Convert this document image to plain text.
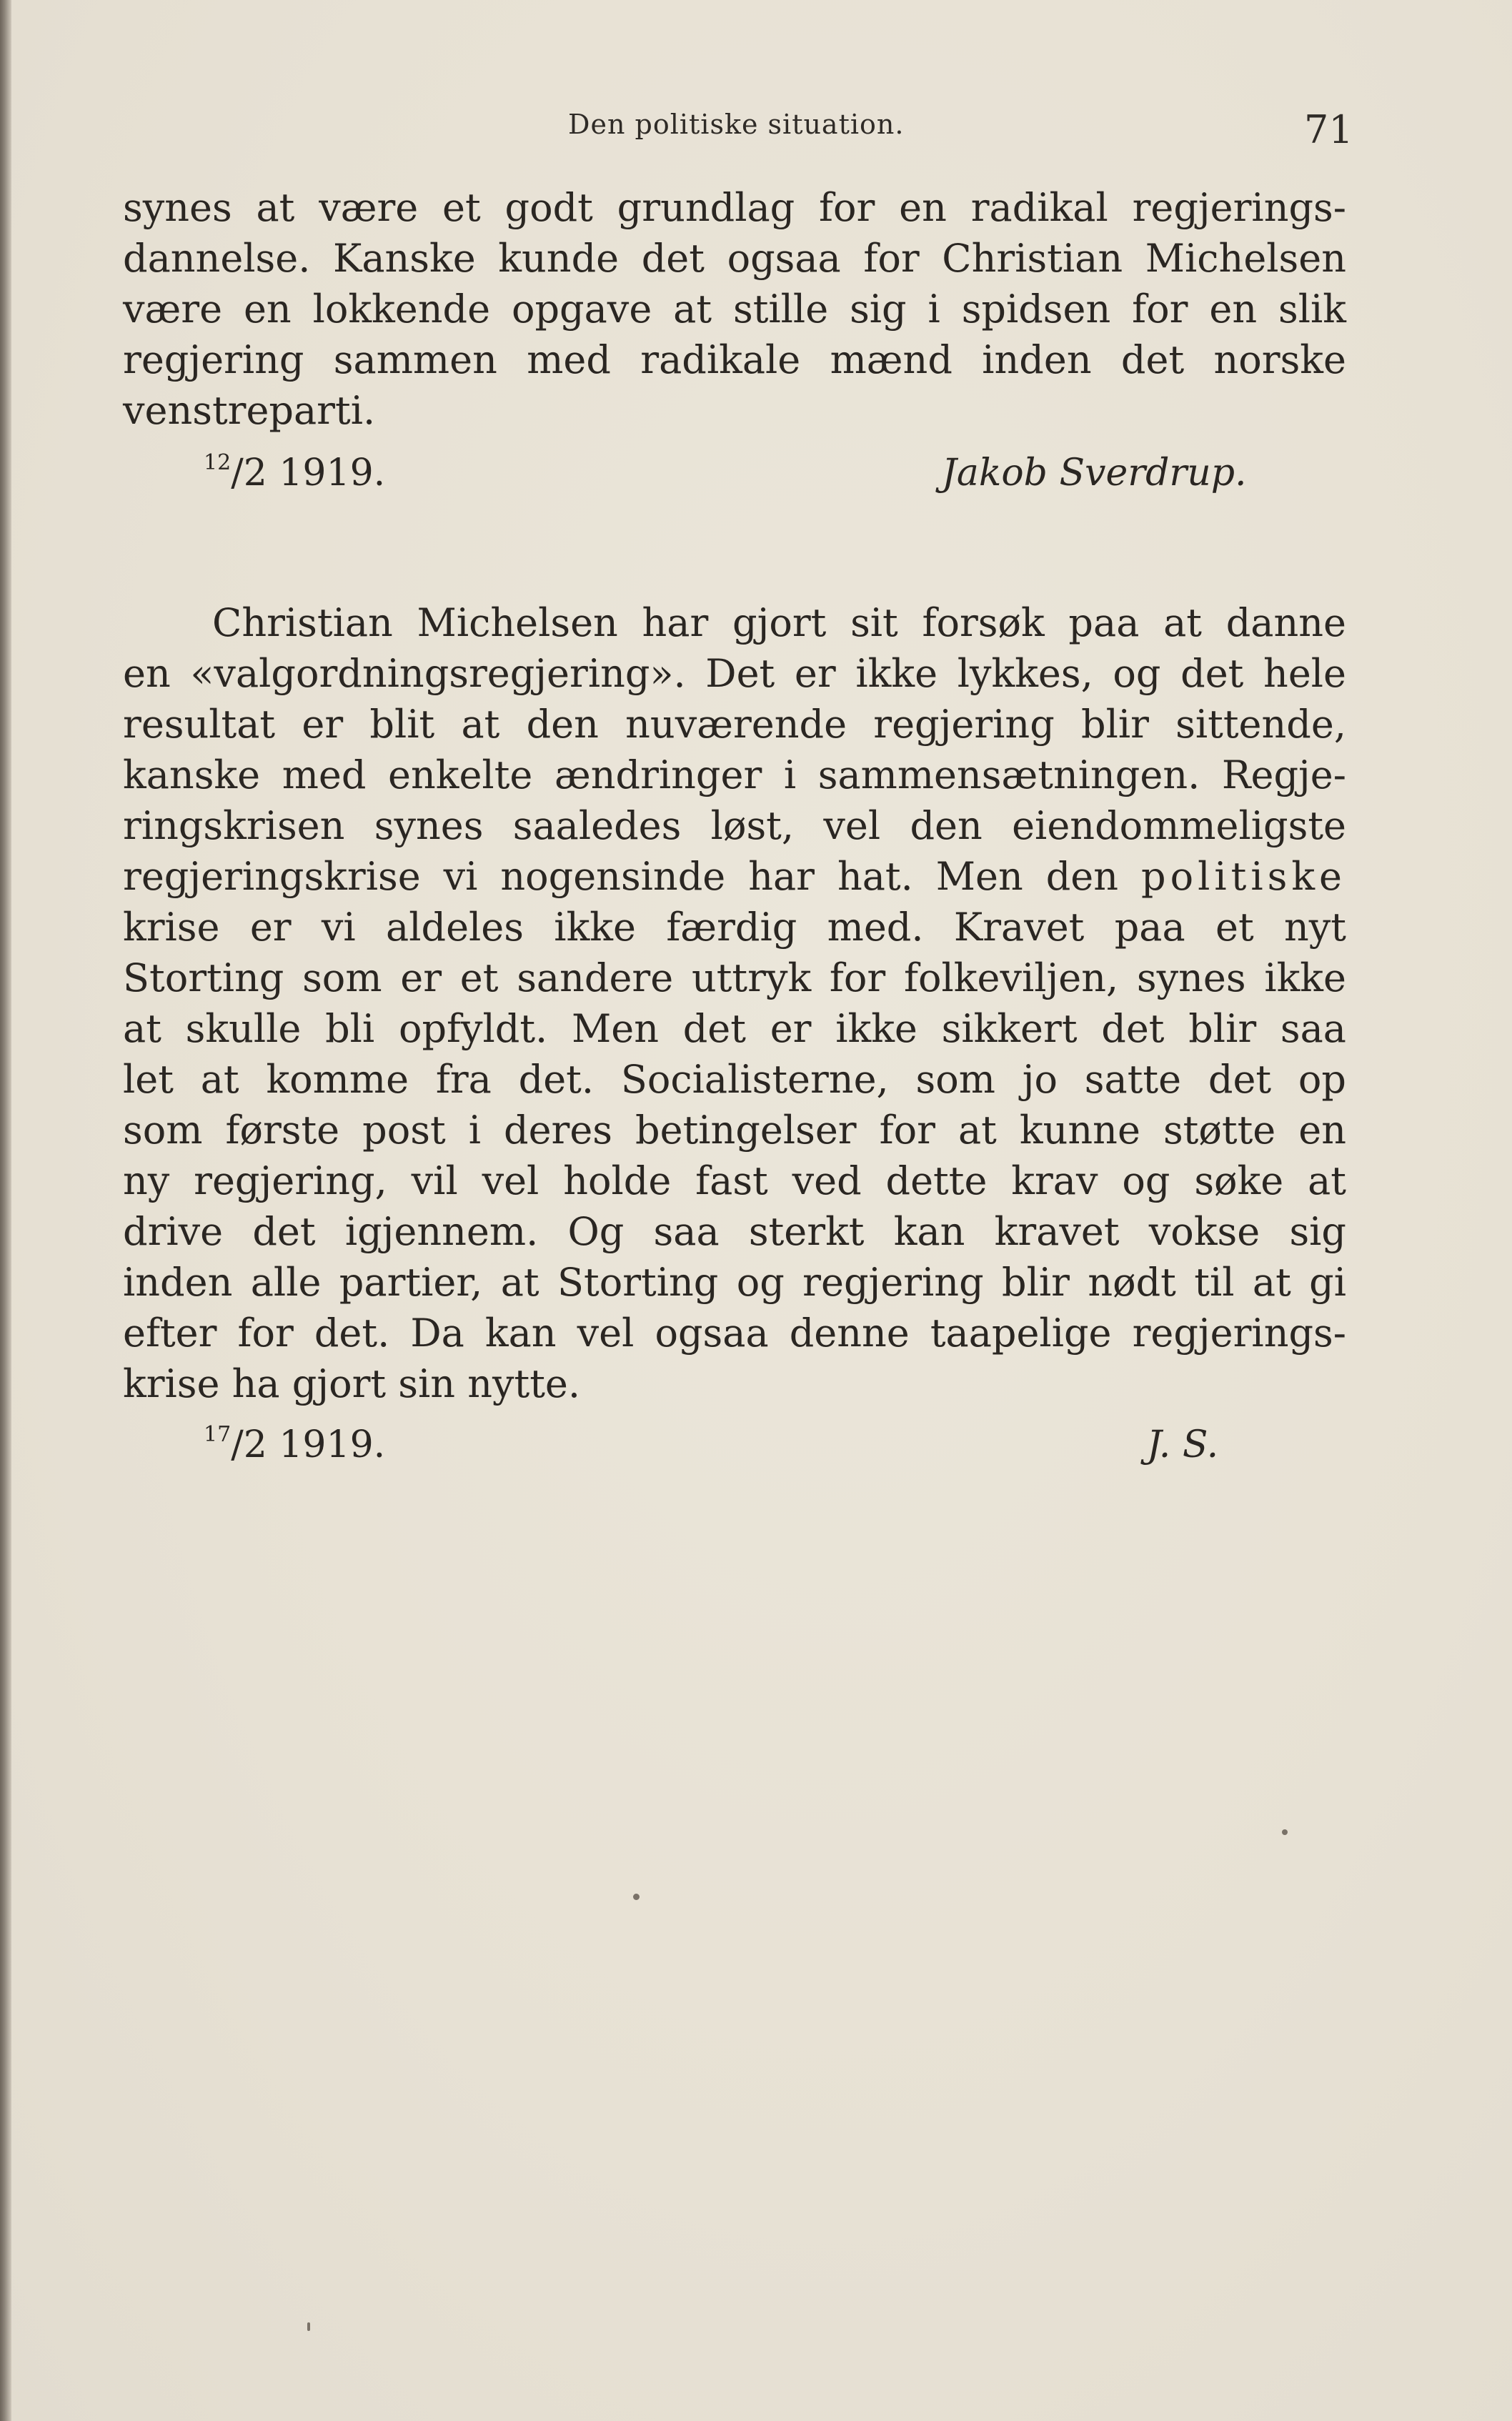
Den politiske situation.	71
synes at være et godt grundlag for en radikal regjerings-
dannelse. Kanske kunde det ogsaa for Christian Michelsen
være en lokkende opgave at stille sig i spidsen for en slik
regjering sammen med radikale mænd inden det norske
venstreparti.
$^{12}$/2 1919.	Jakob Sverdrup.
Christian Michelsen har gjort sit forsøk paa at danne
en «valgordningsregjering». Det er ikke lykkes, og det hele
resultat er blit at den nuværende regjering blir sittende,
kanske med enkelte ændringer i sammensætningen. Regje-
ringskrisen synes saaledes løst, vel den eiendommeligste
regjeringskrise vi nogensinde har hat. Men den politiske
krise er vi aldeles ikke færdig med. Kravet paa et nyt
Storting som er et sandere uttryk for folkeviljen, synes ikke
at skulle bli opfyldt. Men det er ikke sikkert det blir saa
let at komme fra det. Socialisterne, som jo satte det op
som første post i deres betingelser for at kunne støtte en
ny regjering, vil vel holde fast ved dette krav og søke at
drive det igjennem. Og saa sterkt kan kravet vokse sig
inden alle partier, at Storting og regjering blir nødt til at gi
efter for det. Da kan vel ogsaa denne taapelige regjerings-
krise ha gjort sin nytte.
$^{17}$/2 1919.	J. S.
